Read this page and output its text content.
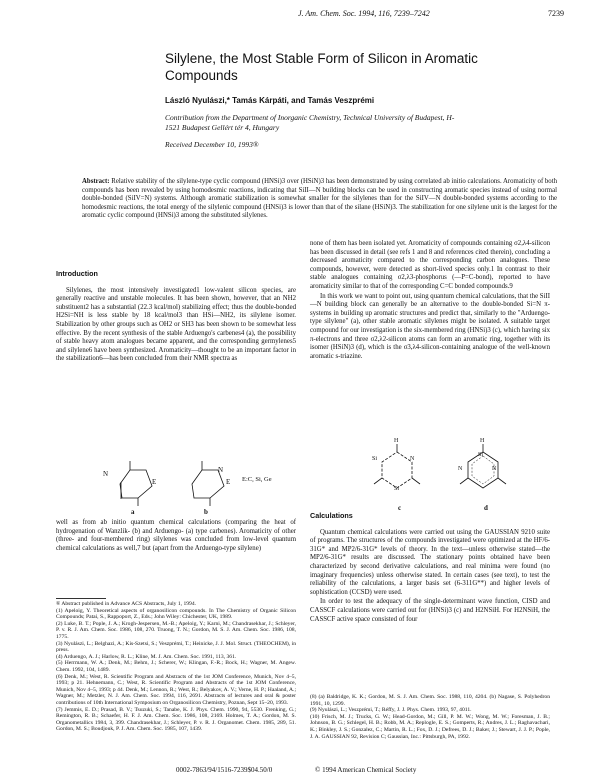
J. Am. Chem. Soc. 1994, 116, 7239–7242	7239
Silylene, the Most Stable Form of Silicon in Aromatic Compounds
László Nyulászi,* Tamás Kárpáti, and Tamás Veszprémi
Contribution from the Department of Inorganic Chemistry, Technical University of Budapest, H-1521 Budapest Gellért tér 4, Hungary
Received December 10, 1993®
Abstract: Relative stability of the silylene-type cyclic compound (HNSi)3 over (HSiN)3 has been demonstrated by using correlated ab initio calculations. Aromaticity of both compounds has been revealed by using homodesmic reactions, indicating that SiII—N building blocks can be used in constructing aromatic species instead of using normal double-bonded (SiIV=N) systems. Although aromatic stabilization is somewhat smaller for the silylenes than for the SiIV—N double-bonded systems according to the homodesmic reactions, the total energy of the silylenic compound (HNSi)3 is lower than that of the silane (HSiN)3. The stabilization for one silylene unit is the largest for the aromatic cyclic compound (HNSi)3 among the substituted silylenes.
Introduction

Silylenes, the most intensively investigated1 low-valent silicon species, are generally reactive and unstable molecules. It has been shown, however, that an NH2 substituent2 has a substantial (22.3 kcal/mol) stabilizing effect; thus the double-bonded H2Si=NH is less stable by 18 kcal/mol3 than HSi—NH2, its silylene isomer. Stabilization by other groups such as OH2 or SH3 has been shown to be somewhat less effective. By the recent synthesis of the stable Arduengo's carbenes4 (a), the possibility of stable heavy atom analogues became apparent, and the corresponding germylenes5 and silylene6 have been synthesized. Aromaticity—thought to be an important factor in the stabilization6—has been concluded from their NMR spectra as

N
E
N
E E:C, Si, Ge
a	b

well as from ab initio quantum chemical calculations (comparing the heat of hydrogenation of Wanzlik- (b) and Arduengo- (a) type carbenes). Aromaticity of other (three- and four-membered ring) silylenes was concluded from low-level quantum chemical calculations as well,7 but (apart from the Arduengo-type silylene)

® Abstract published in Advance ACS Abstracts, July 1, 1994.

(1) Apeloig, Y. Theoretical aspects of organosilicon compounds. In The Chemistry of Organic Silicon Compounds; Patai, S., Rappoport, Z., Eds.; John Wiley: Chichester, UK, 1989.

(2) Luke, B. T.; Pople, J. A.; Krogh-Jespersen, M.-B.; Apeloig, Y.; Karni, M.; Chandrasekhar, J.; Schleyer, P. v. R. J. Am. Chem. Soc. 1986, 108, 270. Truong, T. N.; Gordon, M. S. J. Am. Chem. Soc. 1986, 108, 1775.

(3) Nyulászi, L.; Belghazi, A.; Kis-Szetsi, S.; Veszprémi, T.; Heinicke, J. J. Mol. Struct. (THEOCHEM), in press.

(4) Arduengo, A. J.; Harlow, R. L.; Kline, M. J. Am. Chem. Soc. 1991, 113, 361.

(5) Herrmann, W. A.; Denk, M.; Behm, J.; Scherer, W.; Klingan, F.-R.; Bock, H.; Wagner, M. Angew. Chem. 1992, 104, 1489.

(6) Denk, M.; West, R. Scientific Program and Abstracts of the 1st JOM Conference, Munich, Nov 4–5, 1993; p 21. Hehnemann, C.; West, R. Scientific Program and Abstracts of the 1st JOM Conference, Munich, Nov 4–5, 1993; p 44. Denk, M.; Lennon, R.; West, R.; Belyakov, A. V.; Verne, H. P.; Haaland, A.; Wagner, M.; Metzler, N. J. Am. Chem. Soc. 1994, 116, 2691. Abstracts of lectures and oral & poster contributions of 10th International Symposium on Organosilicon Chemistry, Poznan, Sept 15–20, 1993.

(7) Jemmis, E. D.; Prasad, B. V.; Tsuzuki, S.; Tanabe, K. J. Phys. Chem. 1990, 94, 5530. Frenking, G.; Remington, R. B.; Schaefer, H. F. J. Am. Chem. Soc. 1986, 108, 2169. Holmes, T. A.; Gordon, M. S. Organometallics 1984, 3, 399. Chandrasekhar, J.; Schleyer, P. v. R. J. Organomet. Chem. 1985, 289, 51. Gordon, M. S.; Boudjouk, P. J. Am. Chem. Soc. 1985, 107, 1439.

none of them has been isolated yet. Aromaticity of compounds containing σ2,λ4-silicon has been discussed in detail (see refs 1 and 8 and references cited therein), concluding a decreased aromaticity compared to the corresponding carbon analogues. These compounds, however, were detected as short-lived species only.1 In contrast to their stable analogues containing σ2,λ3-phosphorus (—P=C-bond), reported to have aromaticity similar to that of the corresponding C=C bonded compounds.9

In this work we want to point out, using quantum chemical calculations, that the SiII—N building block can generally be an alternative to the double-bonded Si=N π-systems in building up aromatic structures and predict that, similarly to the "Arduengo-type silylene" (a), other stable aromatic silylenes might be isolated. A suitable target compound for our investigation is the six-membered ring (HNSi)3 (c), which having six π-electrons and three σ2,λ2-silicon atoms can form an aromatic ring, together with its isomer (HSiN)3 (d), which is the σ3,λ4-silicon-containing analogue of the well-known aromatic s-triazine.

H
Si	N
Si
H
Si
N	N
c	d
Calculations

Quantum chemical calculations were carried out using the GAUSSIAN 9210 suite of programs. The structures of the compounds investigated were optimized at the HF/6-31G* and MP2/6-31G* levels of theory. In the text—unless otherwise stated—the MP2/6-31G* results are discussed. The stationary points obtained have been characterized by second derivative calculations, and real minima were found (no imaginary frequencies) unless otherwise stated. In certain cases (see text), to test the reliability of the calculations, a larger basis set (6-311G**) and higher levels of sophistication (CCSD) were used.

In order to test the adequacy of the single-determinant wave function, CISD and CASSCF calculations were carried out for (HNSi)3 (c) and H2NSiH. For H2NSiH, the CASSCF active space consisted of four

(8) (a) Baldridge, K. K.; Gordon, M. S. J. Am. Chem. Soc. 1988, 110, 4204. (b) Nagase, S. Polyhedron 1991, 10, 1299.

(9) Nyulászi, L.; Veszprémi, T.; Réffy, J. J. Phys. Chem. 1993, 97, 4011.

(10) Frisch, M. J.; Trucks, G. W.; Head-Gordon, M.; Gill, P. M. W.; Wong, M. W.; Foresman, J. B.; Johnson, B. G.; Schlegel, H. B.; Robb, M. A.; Replogle, E. S.; Gomperts, R.; Andres, J. L.; Raghavachari, K.; Binkley, J. S.; Gonzalez, C.; Martin, R. L.; Fox, D. J.; Defrees, D. J.; Baker, J.; Stewart, J. J. P.; Pople, J. A. GAUSSIAN 92, Revision C; Gaussian, Inc.: Pittsburgh, PA, 1992.

0002-7863/94/1516-7239$04.50/0	© 1994 American Chemical Society
